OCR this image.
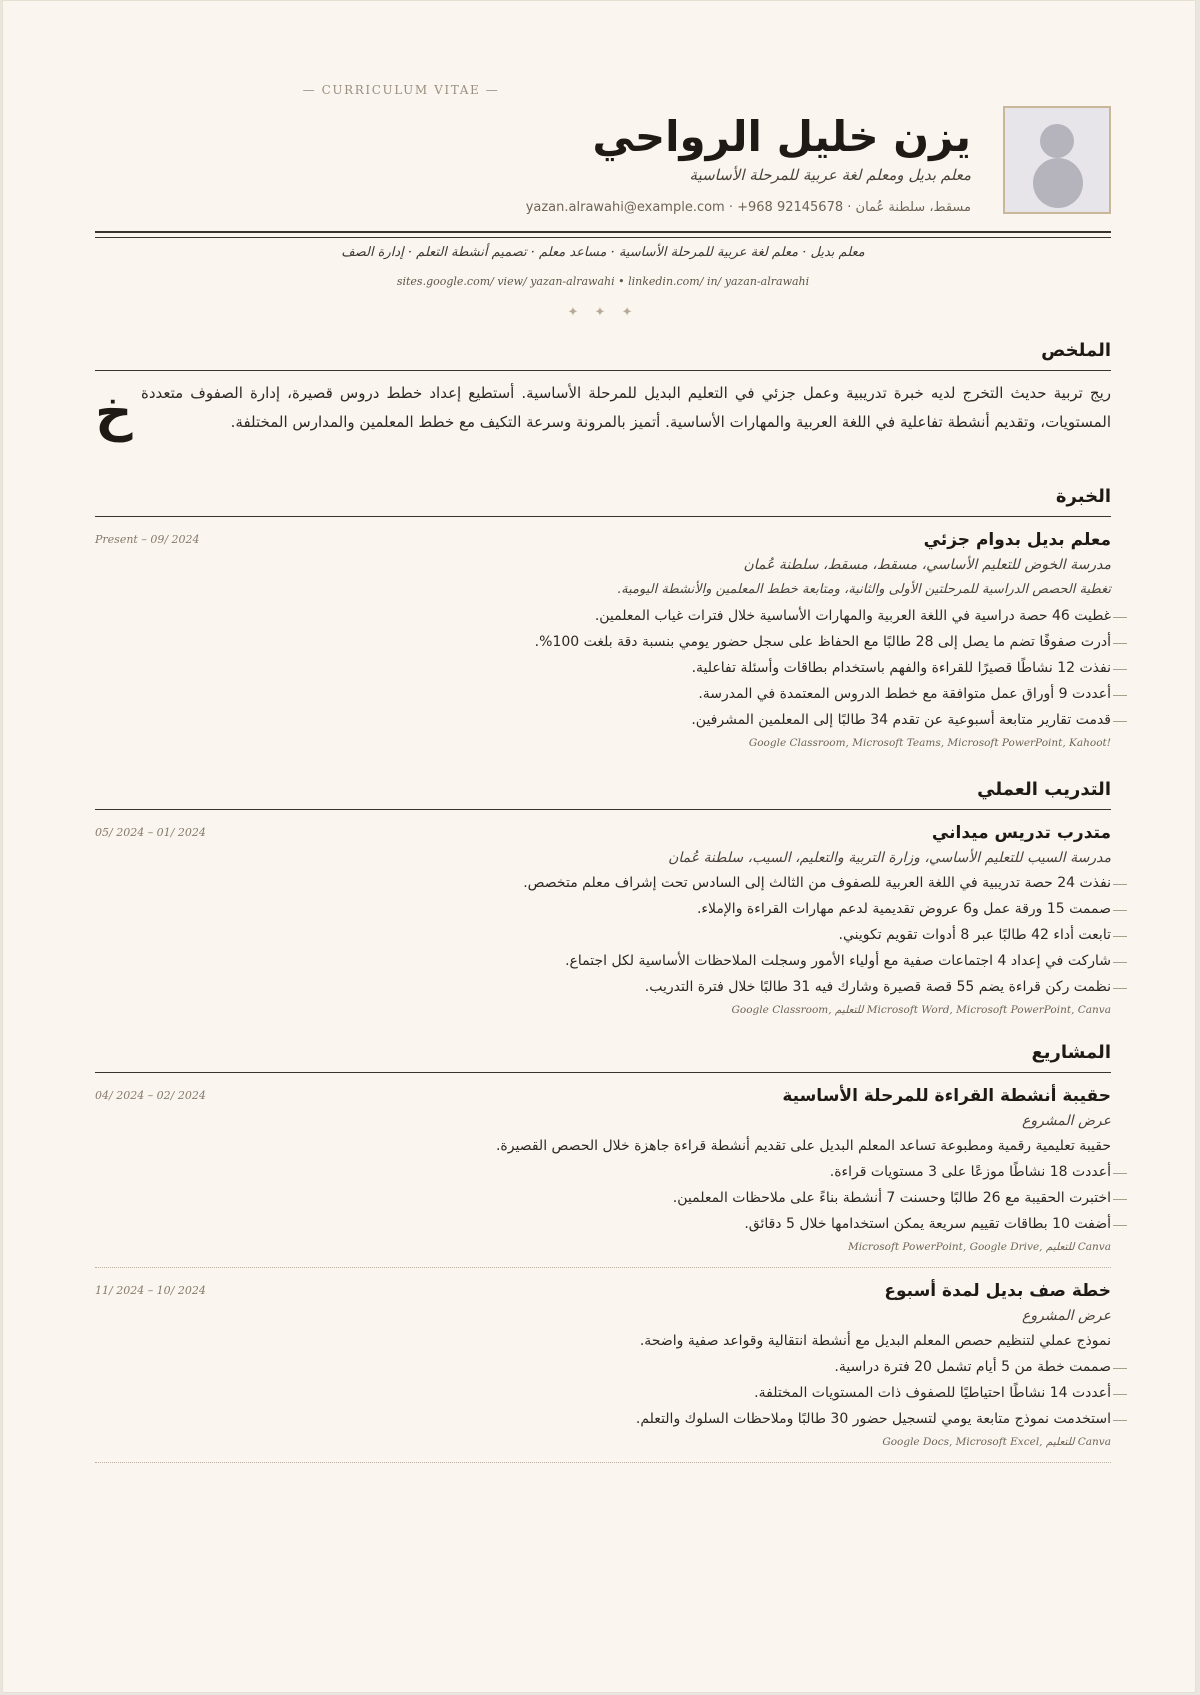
— CURRICULUM VITAE —
يزن خليل الرواحي
معلم بديل ومعلم لغة عربية للمرحلة الأساسية
مسقط، سلطنة عُمان · yazan.alrawahi@example.com · +968 92145678
معلم بديل · معلم لغة عربية للمرحلة الأساسية · مساعد معلم · تصميم أنشطة التعلم · إدارة الصف
sites.google.com/ view/ yazan-alrawahi • linkedin.com/ in/ yazan-alrawahi
✦ ✦ ✦
الملخص
خ ريج تربية حديث التخرج لديه خبرة تدريبية وعمل جزئي في التعليم البديل للمرحلة الأساسية. أستطيع إعداد خطط دروس قصيرة، إدارة الصفوف متعددة المستويات، وتقديم أنشطة تفاعلية في اللغة العربية والمهارات الأساسية. أتميز بالمرونة وسرعة التكيف مع خطط المعلمين والمدارس المختلفة.
الخبرة
Present – 09/ 2024	معلم بديل بدوام جزئي
مدرسة الخوض للتعليم الأساسي، مسقط، مسقط، سلطنة عُمان
تغطية الحصص الدراسية للمرحلتين الأولى والثانية، ومتابعة خطط المعلمين والأنشطة اليومية.
غطيت 46 حصة دراسية في اللغة العربية والمهارات الأساسية خلال فترات غياب المعلمين.
أدرت صفوفًا تضم ما يصل إلى 28 طالبًا مع الحفاظ على سجل حضور يومي بنسبة دقة بلغت 100%.
نفذت 12 نشاطًا قصيرًا للقراءة والفهم باستخدام بطاقات وأسئلة تفاعلية.
أعددت 9 أوراق عمل متوافقة مع خطط الدروس المعتمدة في المدرسة.
قدمت تقارير متابعة أسبوعية عن تقدم 34 طالبًا إلى المعلمين المشرفين.
Google Classroom, Microsoft Teams, Microsoft PowerPoint, Kahoot!
التدريب العملي
05/ 2024 – 01/ 2024	متدرب تدريس ميداني
مدرسة السيب للتعليم الأساسي، وزارة التربية والتعليم، السيب، سلطنة عُمان
نفذت 24 حصة تدريبية في اللغة العربية للصفوف من الثالث إلى السادس تحت إشراف معلم متخصص.
صممت 15 ورقة عمل و6 عروض تقديمية لدعم مهارات القراءة والإملاء.
تابعت أداء 42 طالبًا عبر 8 أدوات تقويم تكويني.
شاركت في إعداد 4 اجتماعات صفية مع أولياء الأمور وسجلت الملاحظات الأساسية لكل اجتماع.
نظمت ركن قراءة يضم 55 قصة قصيرة وشارك فيه 31 طالبًا خلال فترة التدريب.
Google Classroom, للتعليم Microsoft Word, Microsoft PowerPoint, Canva
المشاريع
04/ 2024 – 02/ 2024	حقيبة أنشطة القراءة للمرحلة الأساسية
عرض المشروع
حقيبة تعليمية رقمية ومطبوعة تساعد المعلم البديل على تقديم أنشطة قراءة جاهزة خلال الحصص القصيرة.
أعددت 18 نشاطًا موزعًا على 3 مستويات قراءة.
اختبرت الحقيبة مع 26 طالبًا وحسنت 7 أنشطة بناءً على ملاحظات المعلمين.
أضفت 10 بطاقات تقييم سريعة يمكن استخدامها خلال 5 دقائق.
Microsoft PowerPoint, Google Drive, للتعليم Canva
11/ 2024 – 10/ 2024	خطة صف بديل لمدة أسبوع
عرض المشروع
نموذج عملي لتنظيم حصص المعلم البديل مع أنشطة انتقالية وقواعد صفية واضحة.
صممت خطة من 5 أيام تشمل 20 فترة دراسية.
أعددت 14 نشاطًا احتياطيًا للصفوف ذات المستويات المختلفة.
استخدمت نموذج متابعة يومي لتسجيل حضور 30 طالبًا وملاحظات السلوك والتعلم.
Google Docs, Microsoft Excel, للتعليم Canva
